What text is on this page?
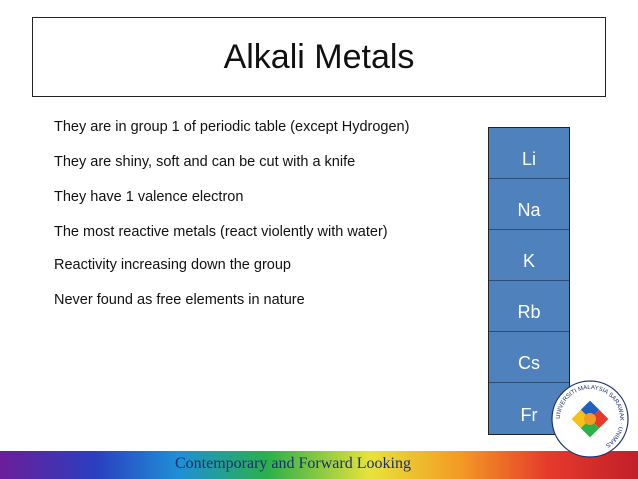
Alkali Metals

They are in group 1 of periodic table (except Hydrogen)

They are shiny, soft and can be cut with a knife

They have 1 valence electron

The most reactive metals (react violently with water)

Reactivity increasing down the group

Never found as free elements in nature

Li
Na
K
Rb
Cs
Fr
Contemporary and Forward Looking
UNIVERSITI MALAYSIA SARAWAK · UNIMAS
